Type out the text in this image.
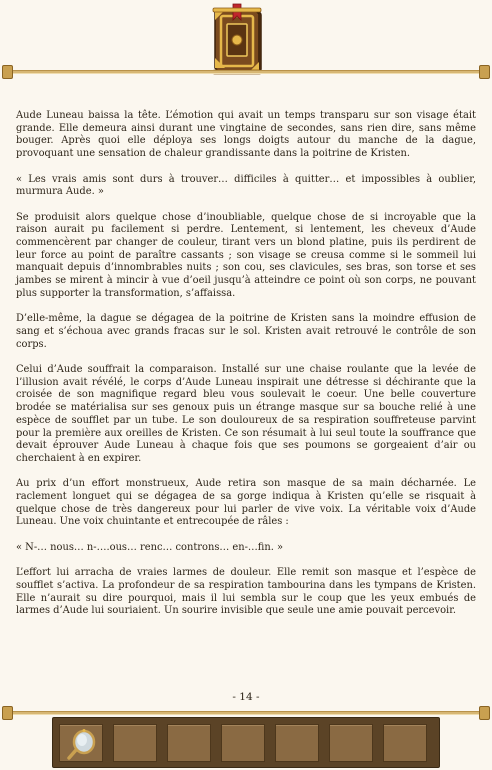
Aude Luneau baissa la tête. L’émotion qui avait un temps transparu sur son visage était grande. Elle demeura ainsi durant une vingtaine de secondes, sans rien dire, sans même bouger. Après quoi elle déploya ses longs doigts autour du manche de la dague, provoquant une sensation de chaleur grandissante dans la poitrine de Kristen.

« Les vrais amis sont durs à trouver… difficiles à quitter… et impossibles à oublier, murmura Aude. »

Se produisit alors quelque chose d’inoubliable, quelque chose de si incroyable que la raison aurait pu facilement si perdre. Lentement, si lentement, les cheveux d’Aude commencèrent par changer de couleur, tirant vers un blond platine, puis ils perdirent de leur force au point de paraître cassants ; son visage se creusa comme si le sommeil lui manquait depuis d’innombrables nuits ; son cou, ses clavicules, ses bras, son torse et ses jambes se mirent à mincir à vue d’oeil jusqu’à atteindre ce point où son corps, ne pouvant plus supporter la transformation, s’affaissa.

D’elle-même, la dague se dégagea de la poitrine de Kristen sans la moindre effusion de sang et s’échoua avec grands fracas sur le sol. Kristen avait retrouvé le contrôle de son corps.

Celui d’Aude souffrait la comparaison. Installé sur une chaise roulante que la levée de l’illusion avait révélé, le corps d’Aude Luneau inspirait une détresse si déchirante que la croisée de son magnifique regard bleu vous soulevait le coeur. Une belle couverture brodée se matérialisa sur ses genoux puis un étrange masque sur sa bouche relié à une espèce de soufflet par un tube. Le son douloureux de sa respiration souffreteuse parvint pour la première aux oreilles de Kristen. Ce son résumait à lui seul toute la souffrance que devait éprouver Aude Luneau à chaque fois que ses poumons se gorgeaient d’air ou cherchaient à en expirer.

Au prix d’un effort monstrueux, Aude retira son masque de sa main décharnée. Le raclement longuet qui se dégagea de sa gorge indiqua à Kristen qu’elle se risquait à quelque chose de très dangereux pour lui parler de vive voix. La véritable voix d’Aude Luneau. Une voix chuintante et entrecoupée de râles :

« N-… nous… n-….ous… renc… controns… en-…fin. »

L’effort lui arracha de vraies larmes de douleur. Elle remit son masque et l’espèce de soufflet s’activa. La profondeur de sa respiration tambourina dans les tympans de Kristen. Elle n’aurait su dire pourquoi, mais il lui sembla sur le coup que les yeux embués de larmes d’Aude lui souriaient. Un sourire invisible que seule une amie pouvait percevoir.

- 14 -
